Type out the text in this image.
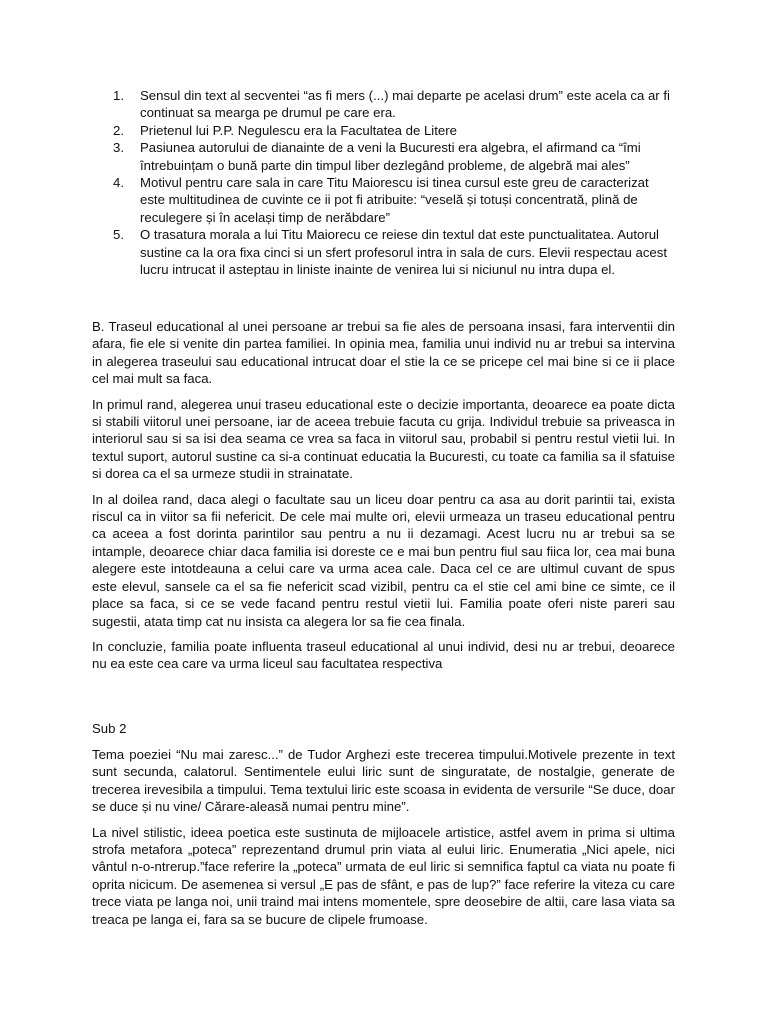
1. Sensul din text al secventei “as fi mers (...) mai departe pe acelasi drum” este acela ca ar fi continuat sa mearga pe drumul pe care era.
2. Prietenul lui P.P. Negulescu era la Facultatea de Litere
3. Pasiunea autorului de dianainte de a veni la Bucuresti era algebra, el afirmand ca “îmi întrebuințam o bună parte din timpul liber dezlegând probleme, de algebră mai ales”
4. Motivul pentru care sala in care Titu Maiorescu isi tinea cursul este greu de caracterizat este multitudinea de cuvinte ce ii pot fi atribuite: “veselă și totuși concentrată, plină de reculegere și în același timp de nerăbdare”
5. O trasatura morala a lui Titu Maiorecu ce reiese din textul dat este punctualitatea. Autorul sustine ca la ora fixa cinci si un sfert profesorul intra in sala de curs. Elevii respectau acest lucru intrucat il asteptau in liniste inainte de venirea lui si niciunul nu intra dupa el.

B. Traseul educational al unei persoane ar trebui sa fie ales de persoana insasi, fara interventii din afara, fie ele si venite din partea familiei. In opinia mea, familia unui individ nu ar trebui sa intervina in alegerea traseului sau educational intrucat doar el stie la ce se pricepe cel mai bine si ce ii place cel mai mult sa faca.

In primul rand, alegerea unui traseu educational este o decizie importanta, deoarece ea poate dicta si stabili viitorul unei persoane, iar de aceea trebuie facuta cu grija. Individul trebuie sa priveasca in interiorul sau si sa isi dea seama ce vrea sa faca in viitorul sau, probabil si pentru restul vietii lui. In textul suport, autorul sustine ca si-a continuat educatia la Bucuresti, cu toate ca familia sa il sfatuise si dorea ca el sa urmeze studii in strainatate.

In al doilea rand, daca alegi o facultate sau un liceu doar pentru ca asa au dorit parintii tai, exista riscul ca in viitor sa fii nefericit. De cele mai multe ori, elevii urmeaza un traseu educational pentru ca aceea a fost dorinta parintilor sau pentru a nu ii dezamagi. Acest lucru nu ar trebui sa se intample, deoarece chiar daca familia isi doreste ce e mai bun pentru fiul sau fiica lor, cea mai buna alegere este intotdeauna a celui care va urma acea cale. Daca cel ce are ultimul cuvant de spus este elevul, sansele ca el sa fie nefericit scad vizibil, pentru ca el stie cel ami bine ce simte, ce il place sa faca, si ce se vede facand pentru restul vietii lui. Familia poate oferi niste pareri sau sugestii, atata timp cat nu insista ca alegera lor sa fie cea finala.

In concluzie, familia poate influenta traseul educational al unui individ, desi nu ar trebui, deoarece nu ea este cea care va urma liceul sau facultatea respectiva

Sub 2

Tema poeziei “Nu mai zaresc...” de Tudor Arghezi este trecerea timpului.Motivele prezente in text sunt secunda, calatorul. Sentimentele eului liric sunt de singuratate, de nostalgie, generate de trecerea irevesibila a timpului. Tema textului liric este scoasa in evidenta de versurile “Se duce, doar se duce și nu vine/ Cărare-aleasă numai pentru mine”.

La nivel stilistic, ideea poetica este sustinuta de mijloacele artistice, astfel avem in prima si ultima strofa metafora „poteca” reprezentand drumul prin viata al eului liric. Enumeratia „Nici apele, nici vântul n-o-ntrerup.”face referire la „poteca” urmata de eul liric si semnifica faptul ca viata nu poate fi oprita nicicum. De asemenea si versul „E pas de sfânt, e pas de lup?” face referire la viteza cu care trece viata pe langa noi, unii traind mai intens momentele, spre deosebire de altii, care lasa viata sa treaca pe langa ei, fara sa se bucure de clipele frumoase.
